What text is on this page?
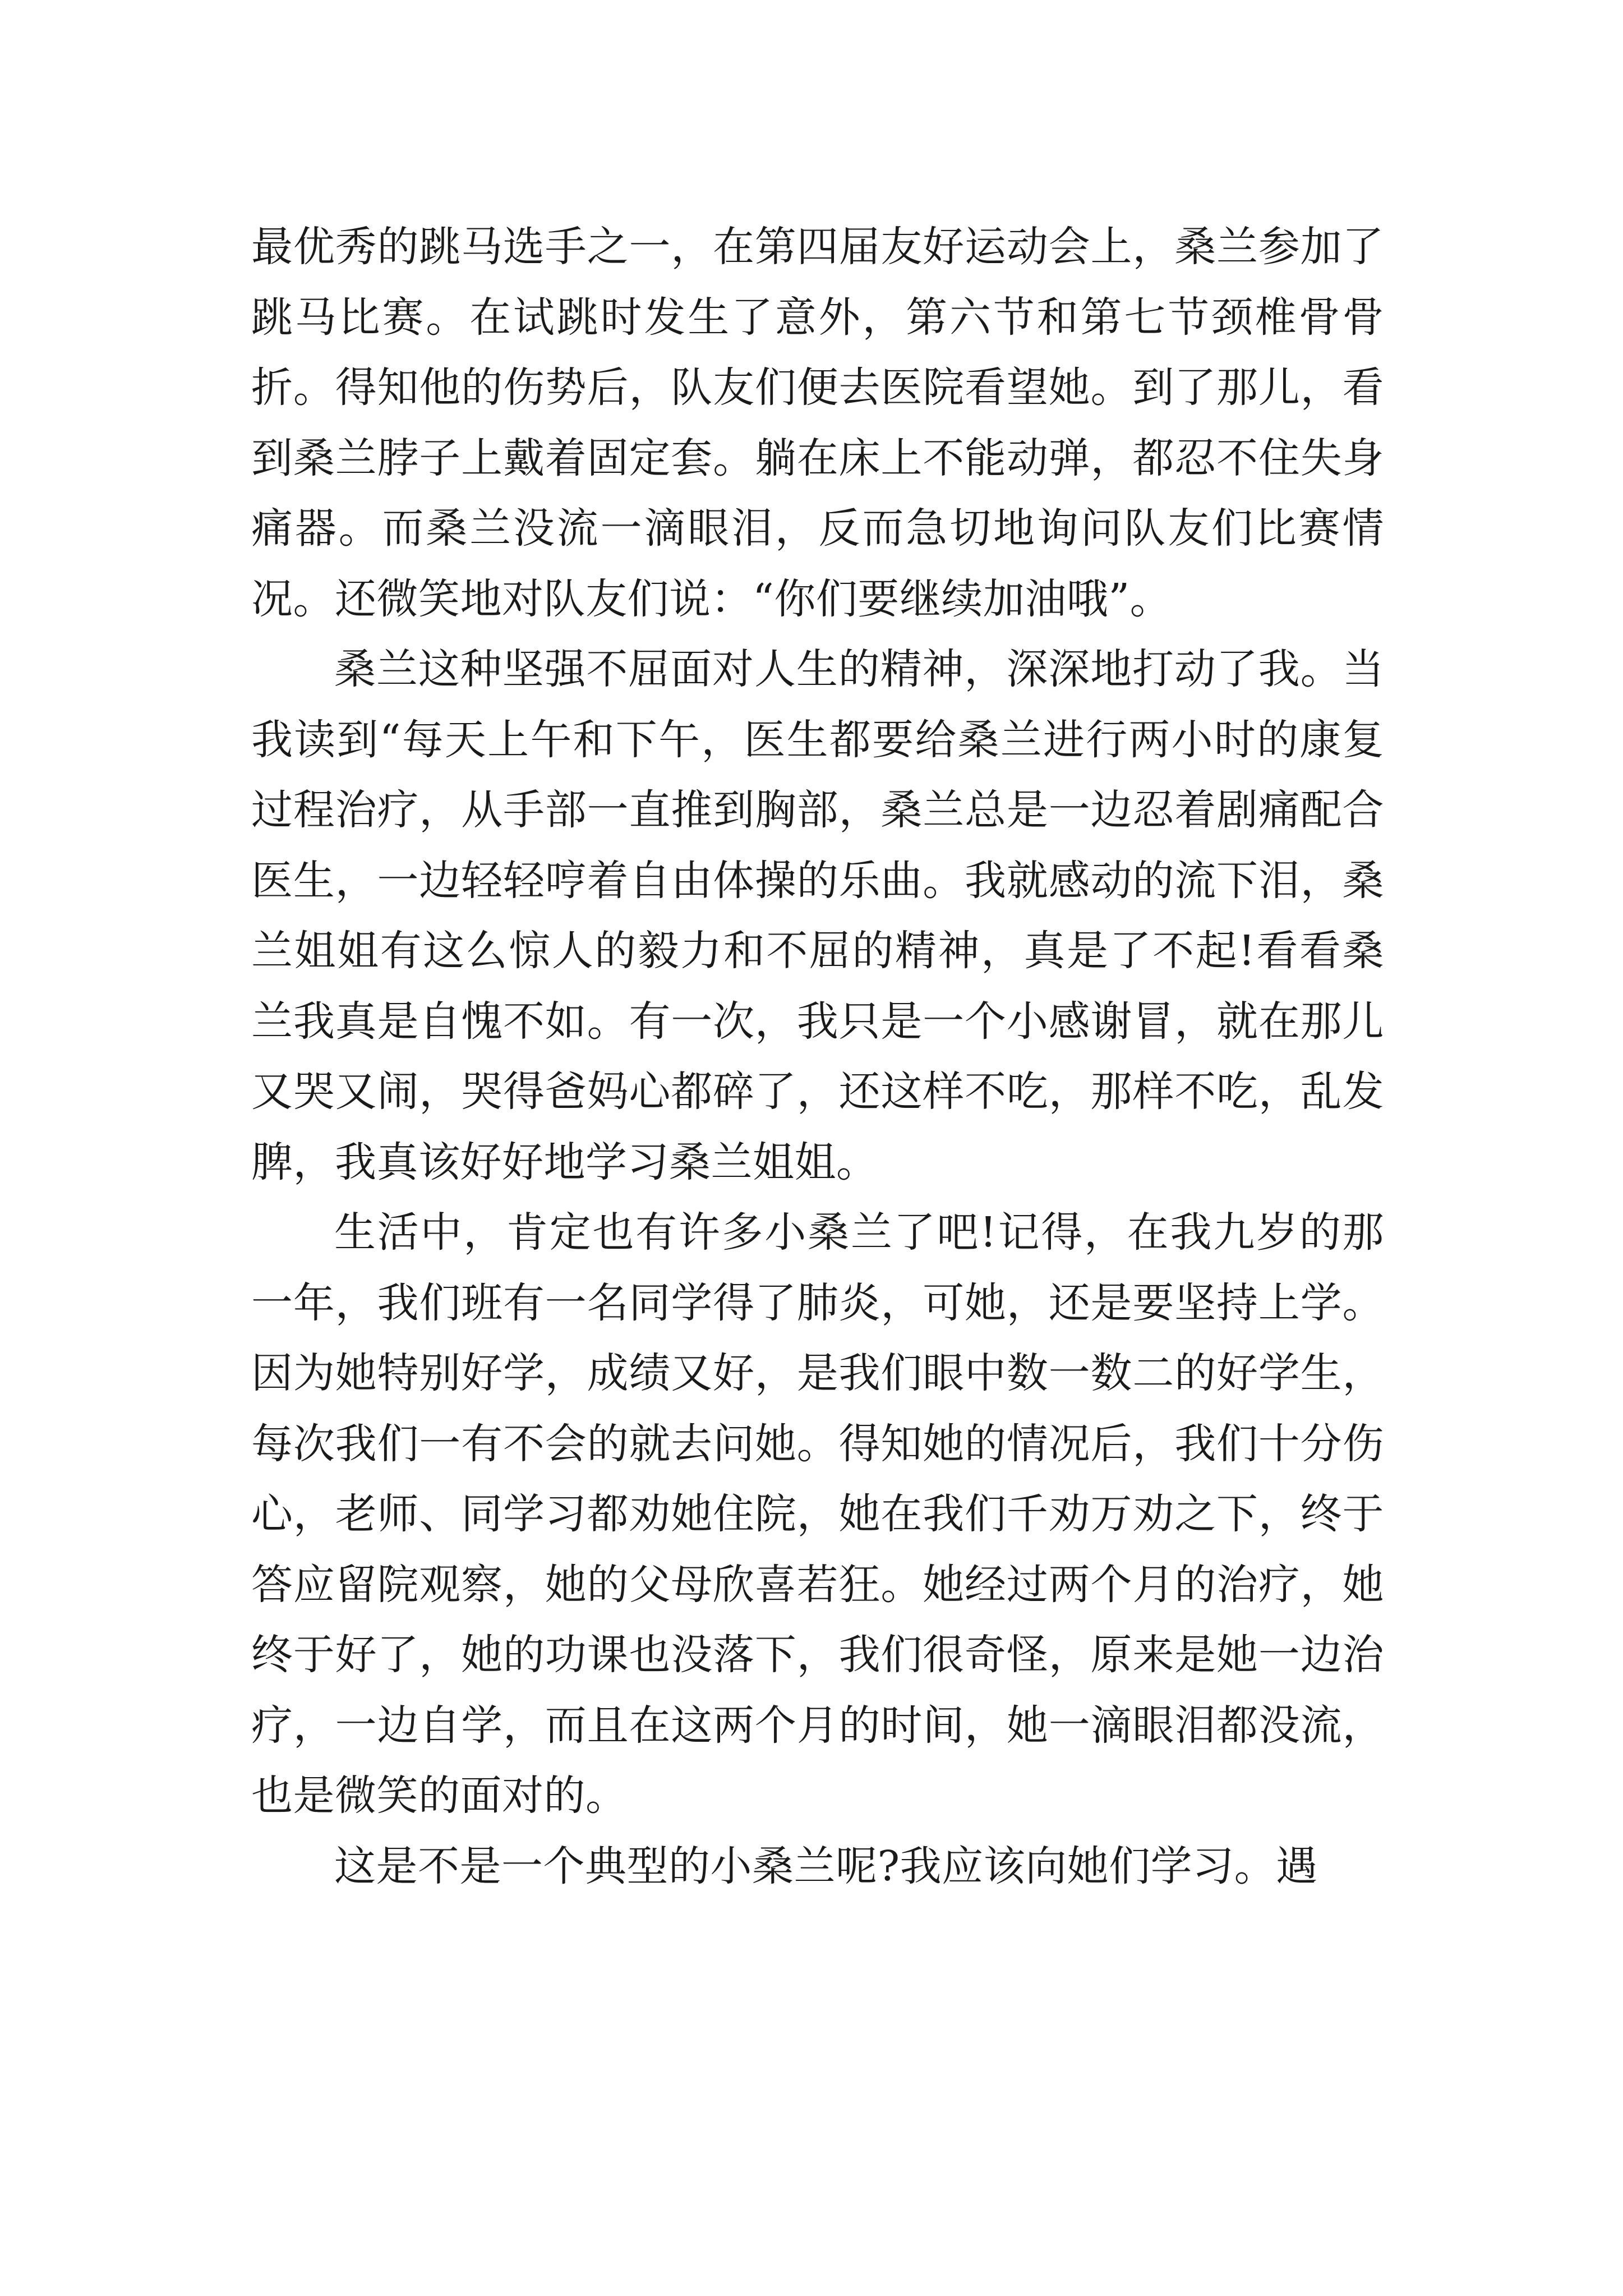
最优秀的跳马选手之一，在第四届友好运动会上，桑兰参加了跳马比赛。在试跳时发生了意外，第六节和第七节颈椎骨骨折。得知他的伤势后，队友们便去医院看望她。到了那儿，看到桑兰脖子上戴着固定套。躺在床上不能动弹，都忍不住失身痛器。而桑兰没流一滴眼泪，反而急切地询问队友们比赛情况。还微笑地对队友们说：“你们要继续加油哦”。

桑兰这种坚强不屈面对人生的精神，深深地打动了我。当我读到“每天上午和下午，医生都要给桑兰进行两小时的康复过程治疗，从手部一直推到胸部，桑兰总是一边忍着剧痛配合医生，一边轻轻哼着自由体操的乐曲。我就感动的流下泪，桑兰姐姐有这么惊人的毅力和不屈的精神，真是了不起!看看桑兰我真是自愧不如。有一次，我只是一个小感谢冒，就在那儿又哭又闹，哭得爸妈心都碎了，还这样不吃，那样不吃，乱发脾，我真该好好地学习桑兰姐姐。

生活中，肯定也有许多小桑兰了吧!记得，在我九岁的那一年，我们班有一名同学得了肺炎，可她，还是要坚持上学。因为她特别好学，成绩又好，是我们眼中数一数二的好学生，每次我们一有不会的就去问她。得知她的情况后，我们十分伤心，老师、同学习都劝她住院，她在我们千劝万劝之下，终于答应留院观察，她的父母欣喜若狂。她经过两个月的治疗，她终于好了，她的功课也没落下，我们很奇怪，原来是她一边治疗，一边自学，而且在这两个月的时间，她一滴眼泪都没流，也是微笑的面对的。

这是不是一个典型的小桑兰呢?我应该向她们学习。遇
